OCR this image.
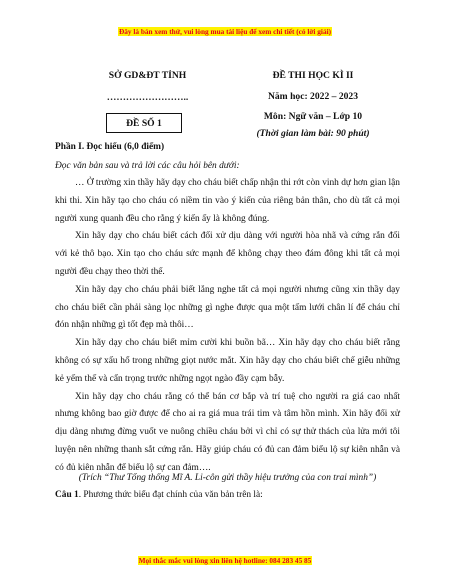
Đây là bản xem thử, vui lòng mua tài liệu để xem chi tiết (có lời giải)
SỞ GD&ĐT TỈNH
……………………..
ĐỀ SỐ 1
ĐỀ THI HỌC KÌ II
Năm học: 2022 – 2023
Môn: Ngữ văn – Lớp 10
(Thời gian làm bài: 90 phút)
Phần I. Đọc hiểu (6,0 điểm)
Đọc văn bản sau và trả lời các câu hỏi bên dưới:

… Ở trường xin thầy hãy dạy cho cháu biết chấp nhận thi rớt còn vinh dự hơn gian lận khi thi. Xin hãy tạo cho cháu có niềm tin vào ý kiến của riêng bản thân, cho dù tất cả mọi người xung quanh đều cho rằng ý kiến ấy là không đúng.

Xin hãy dạy cho cháu biết cách đối xử dịu dàng với người hòa nhã và cứng rắn đối với kẻ thô bạo. Xin tạo cho cháu sức mạnh để không chạy theo đám đông khi tất cả mọi người đều chạy theo thời thế.

Xin hãy dạy cho cháu phải biết lắng nghe tất cả mọi người nhưng cũng xin thầy dạy cho cháu biết cần phải sàng lọc những gì nghe được qua một tấm lưới chân lí để cháu chỉ đón nhận những gì tốt đẹp mà thôi…

Xin hãy dạy cho cháu biết mỉm cười khi buồn bã… Xin hãy dạy cho cháu biết rằng không có sự xấu hổ trong những giọt nước mắt. Xin hãy dạy cho cháu biết chế giễu những kẻ yếm thế và cẩn trọng trước những ngọt ngào đầy cạm bẫy.

Xin hãy dạy cho cháu rằng có thể bán cơ bắp và trí tuệ cho người ra giá cao nhất nhưng không bao giờ được để cho ai ra giá mua trái tim và tâm hồn mình. Xin hãy đối xử dịu dàng nhưng đừng vuốt ve nuông chiều cháu bởi vì chỉ có sự thử thách của lửa mới tôi luyện nên những thanh sắt cứng rắn. Hãy giúp cháu có đủ can đảm biểu lộ sự kiên nhẫn và có đủ kiên nhẫn để biểu lộ sự can đảm….

(Trích “Thư Tổng thống Mĩ A. Li-côn gửi thầy hiệu trưởng của con trai mình”)
Câu 1. Phương thức biểu đạt chính của văn bản trên là:
Mọi thắc mắc vui lòng xin liên hệ hotline: 084 283 45 85
